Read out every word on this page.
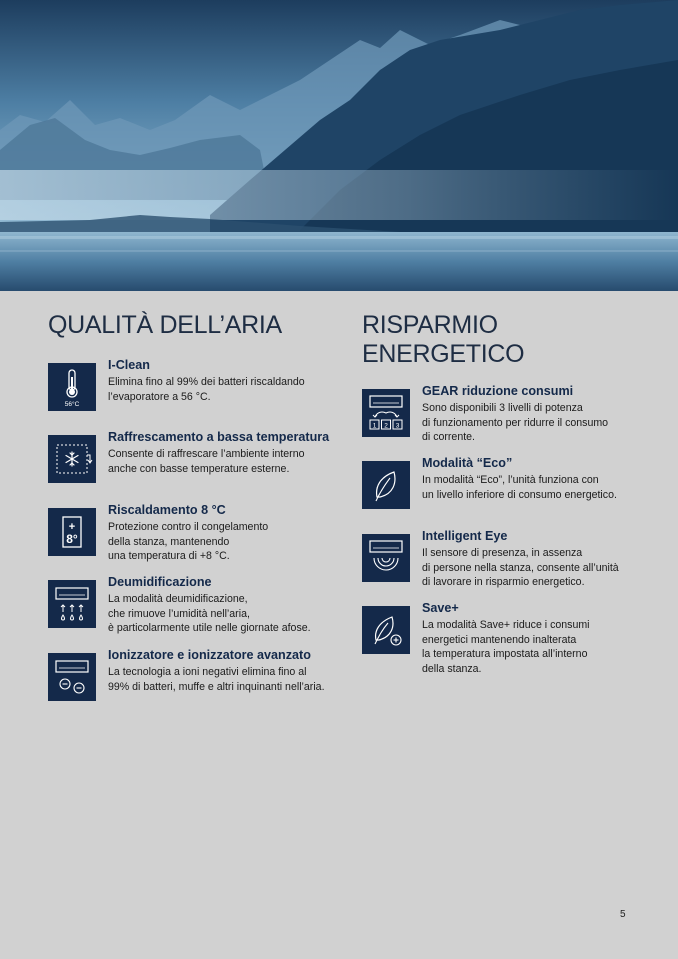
QUALITÀ DELL’ARIA
56°C
I-Clean

Elimina fino al 99% dei batteri riscaldando
l’evaporatore a 56 °C.

Raffrescamento a bassa temperatura

Consente di raffrescare l’ambiente interno
anche con basse temperature esterne.

+
8°
Riscaldamento 8 °C

Protezione contro il congelamento
della stanza, mantenendo
una temperatura di +8 °C.

Deumidificazione

La modalità deumidificazione,
che rimuove l’umidità nell’aria,
è particolarmente utile nelle giornate afose.

Ionizzatore e ionizzatore avanzato

La tecnologia a ioni negativi elimina fino al
99% di batteri, muffe e altri inquinanti nell’aria.

RISPARMIO
ENERGETICO
1 2 3
GEAR riduzione consumi

Sono disponibili 3 livelli di potenza
di funzionamento per ridurre il consumo
di corrente.

Modalità “Eco”

In modalità “Eco”, l’unità funziona con
un livello inferiore di consumo energetico.

Intelligent Eye

Il sensore di presenza, in assenza
di persone nella stanza, consente all’unità
di lavorare in risparmio energetico.

Save+

La modalità Save+ riduce i consumi
energetici mantenendo inalterata
la temperatura impostata all’interno
della stanza.

5
